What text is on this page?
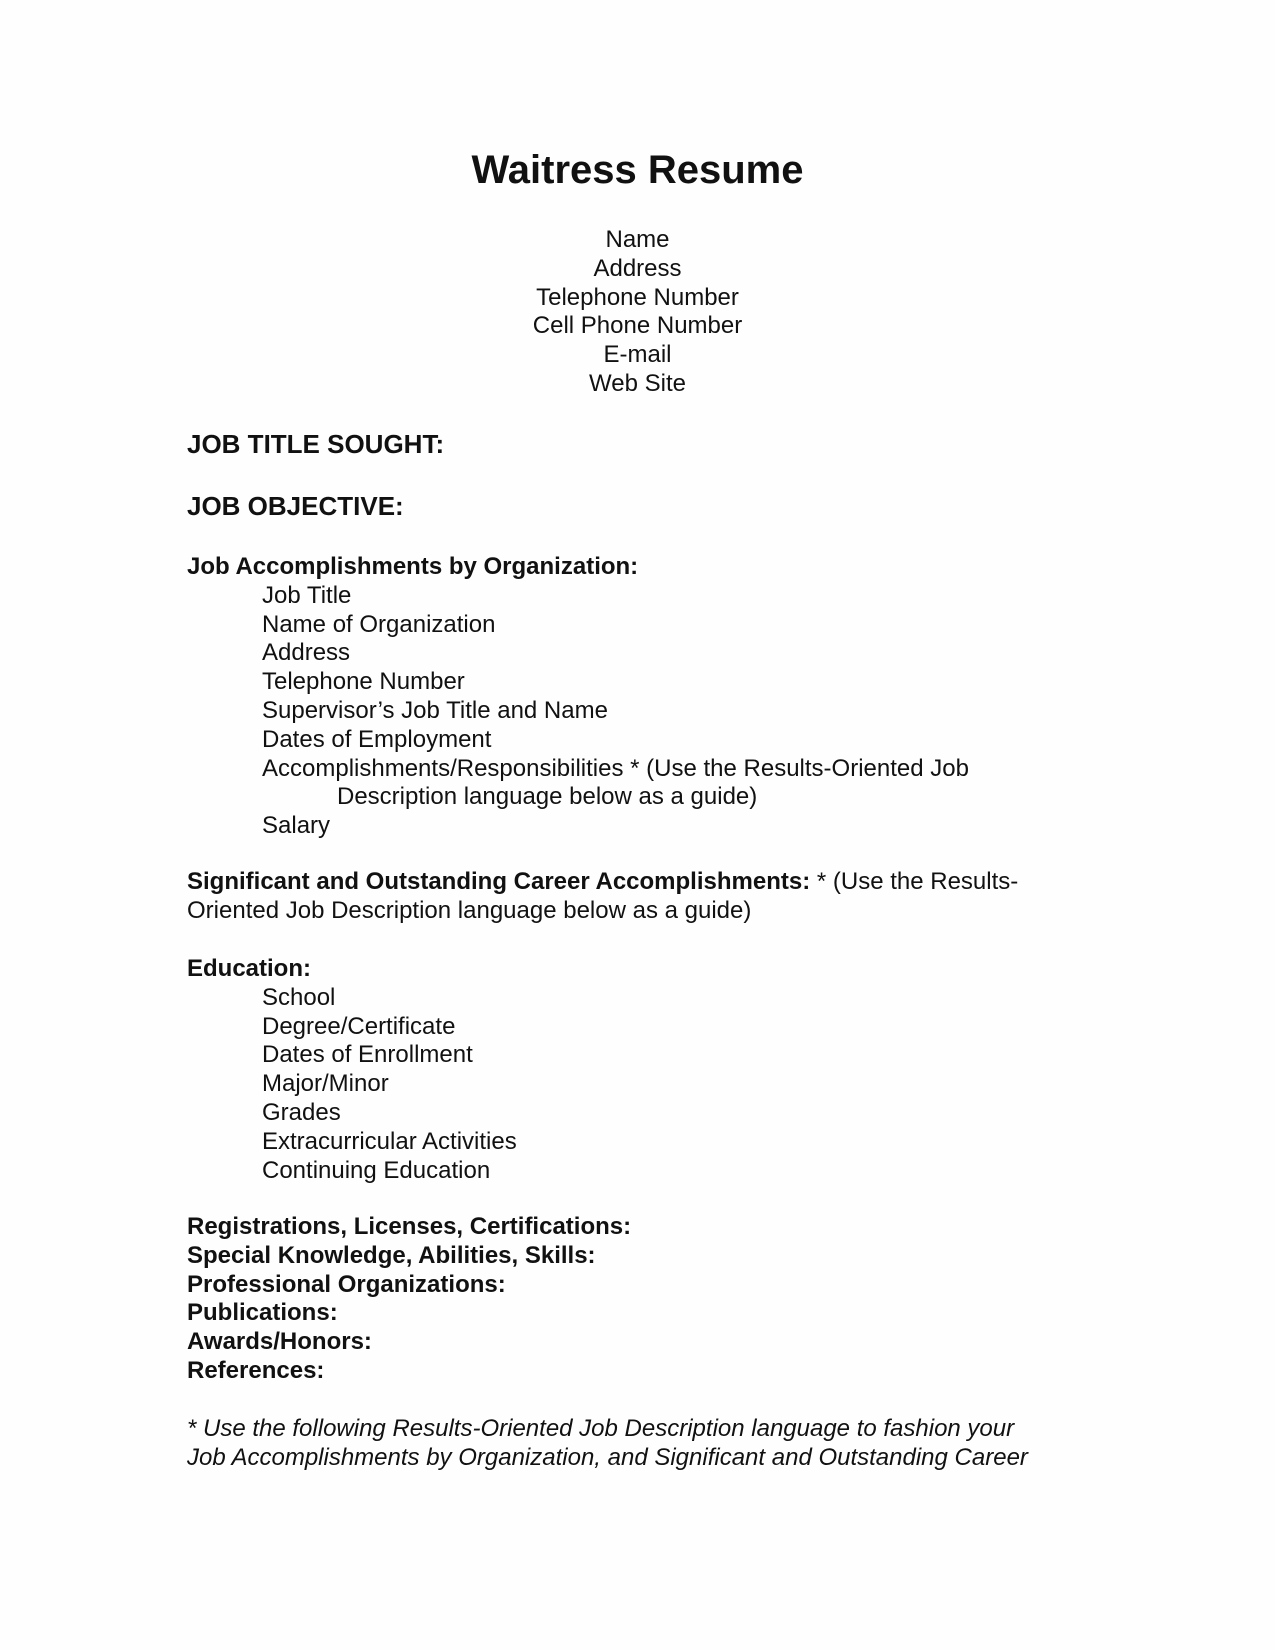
Waitress Resume
Name
Address
Telephone Number
Cell Phone Number
E-mail
Web Site
JOB TITLE SOUGHT:
JOB OBJECTIVE:
Job Accomplishments by Organization:
Job Title
Name of Organization
Address
Telephone Number
Supervisor’s Job Title and Name
Dates of Employment
Accomplishments/Responsibilities * (Use the Results-Oriented Job
Description language below as a guide)
Salary
Significant and Outstanding Career Accomplishments: * (Use the Results-
Oriented Job Description language below as a guide)
Education:
School
Degree/Certificate
Dates of Enrollment
Major/Minor
Grades
Extracurricular Activities
Continuing Education
Registrations, Licenses, Certifications:
Special Knowledge, Abilities, Skills:
Professional Organizations:
Publications:
Awards/Honors:
References:
* Use the following Results-Oriented Job Description language to fashion your
Job Accomplishments by Organization, and Significant and Outstanding Career
